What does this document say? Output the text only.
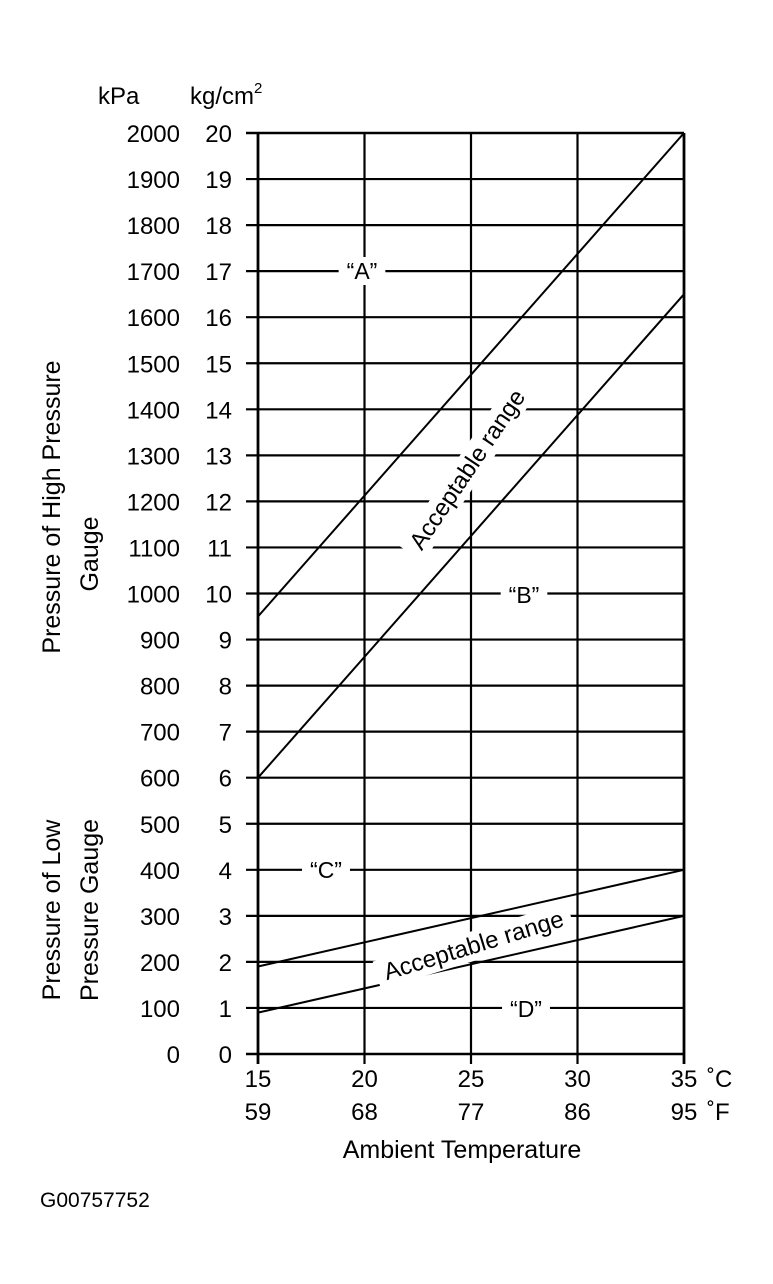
kPa $kg/cm^2$
0
100
200
300
400
500
600
700
800
900
1000
1100
1200
1300
1400
1500
1600
1700
1800
1900
2000
0
1
2
3
4
5
6
7
8
9
10
11
12
13
14
15
16
17
18
19
20
15	20	25	30	35
59	68	77	86	95
˚C
˚F
Ambient Temperature
Pressure of High Pressure Gauge
Pressure of Low Pressure Gauge
“A”
“B”
“C”
“D”
Acceptable range
Acceptable range
G00757752
